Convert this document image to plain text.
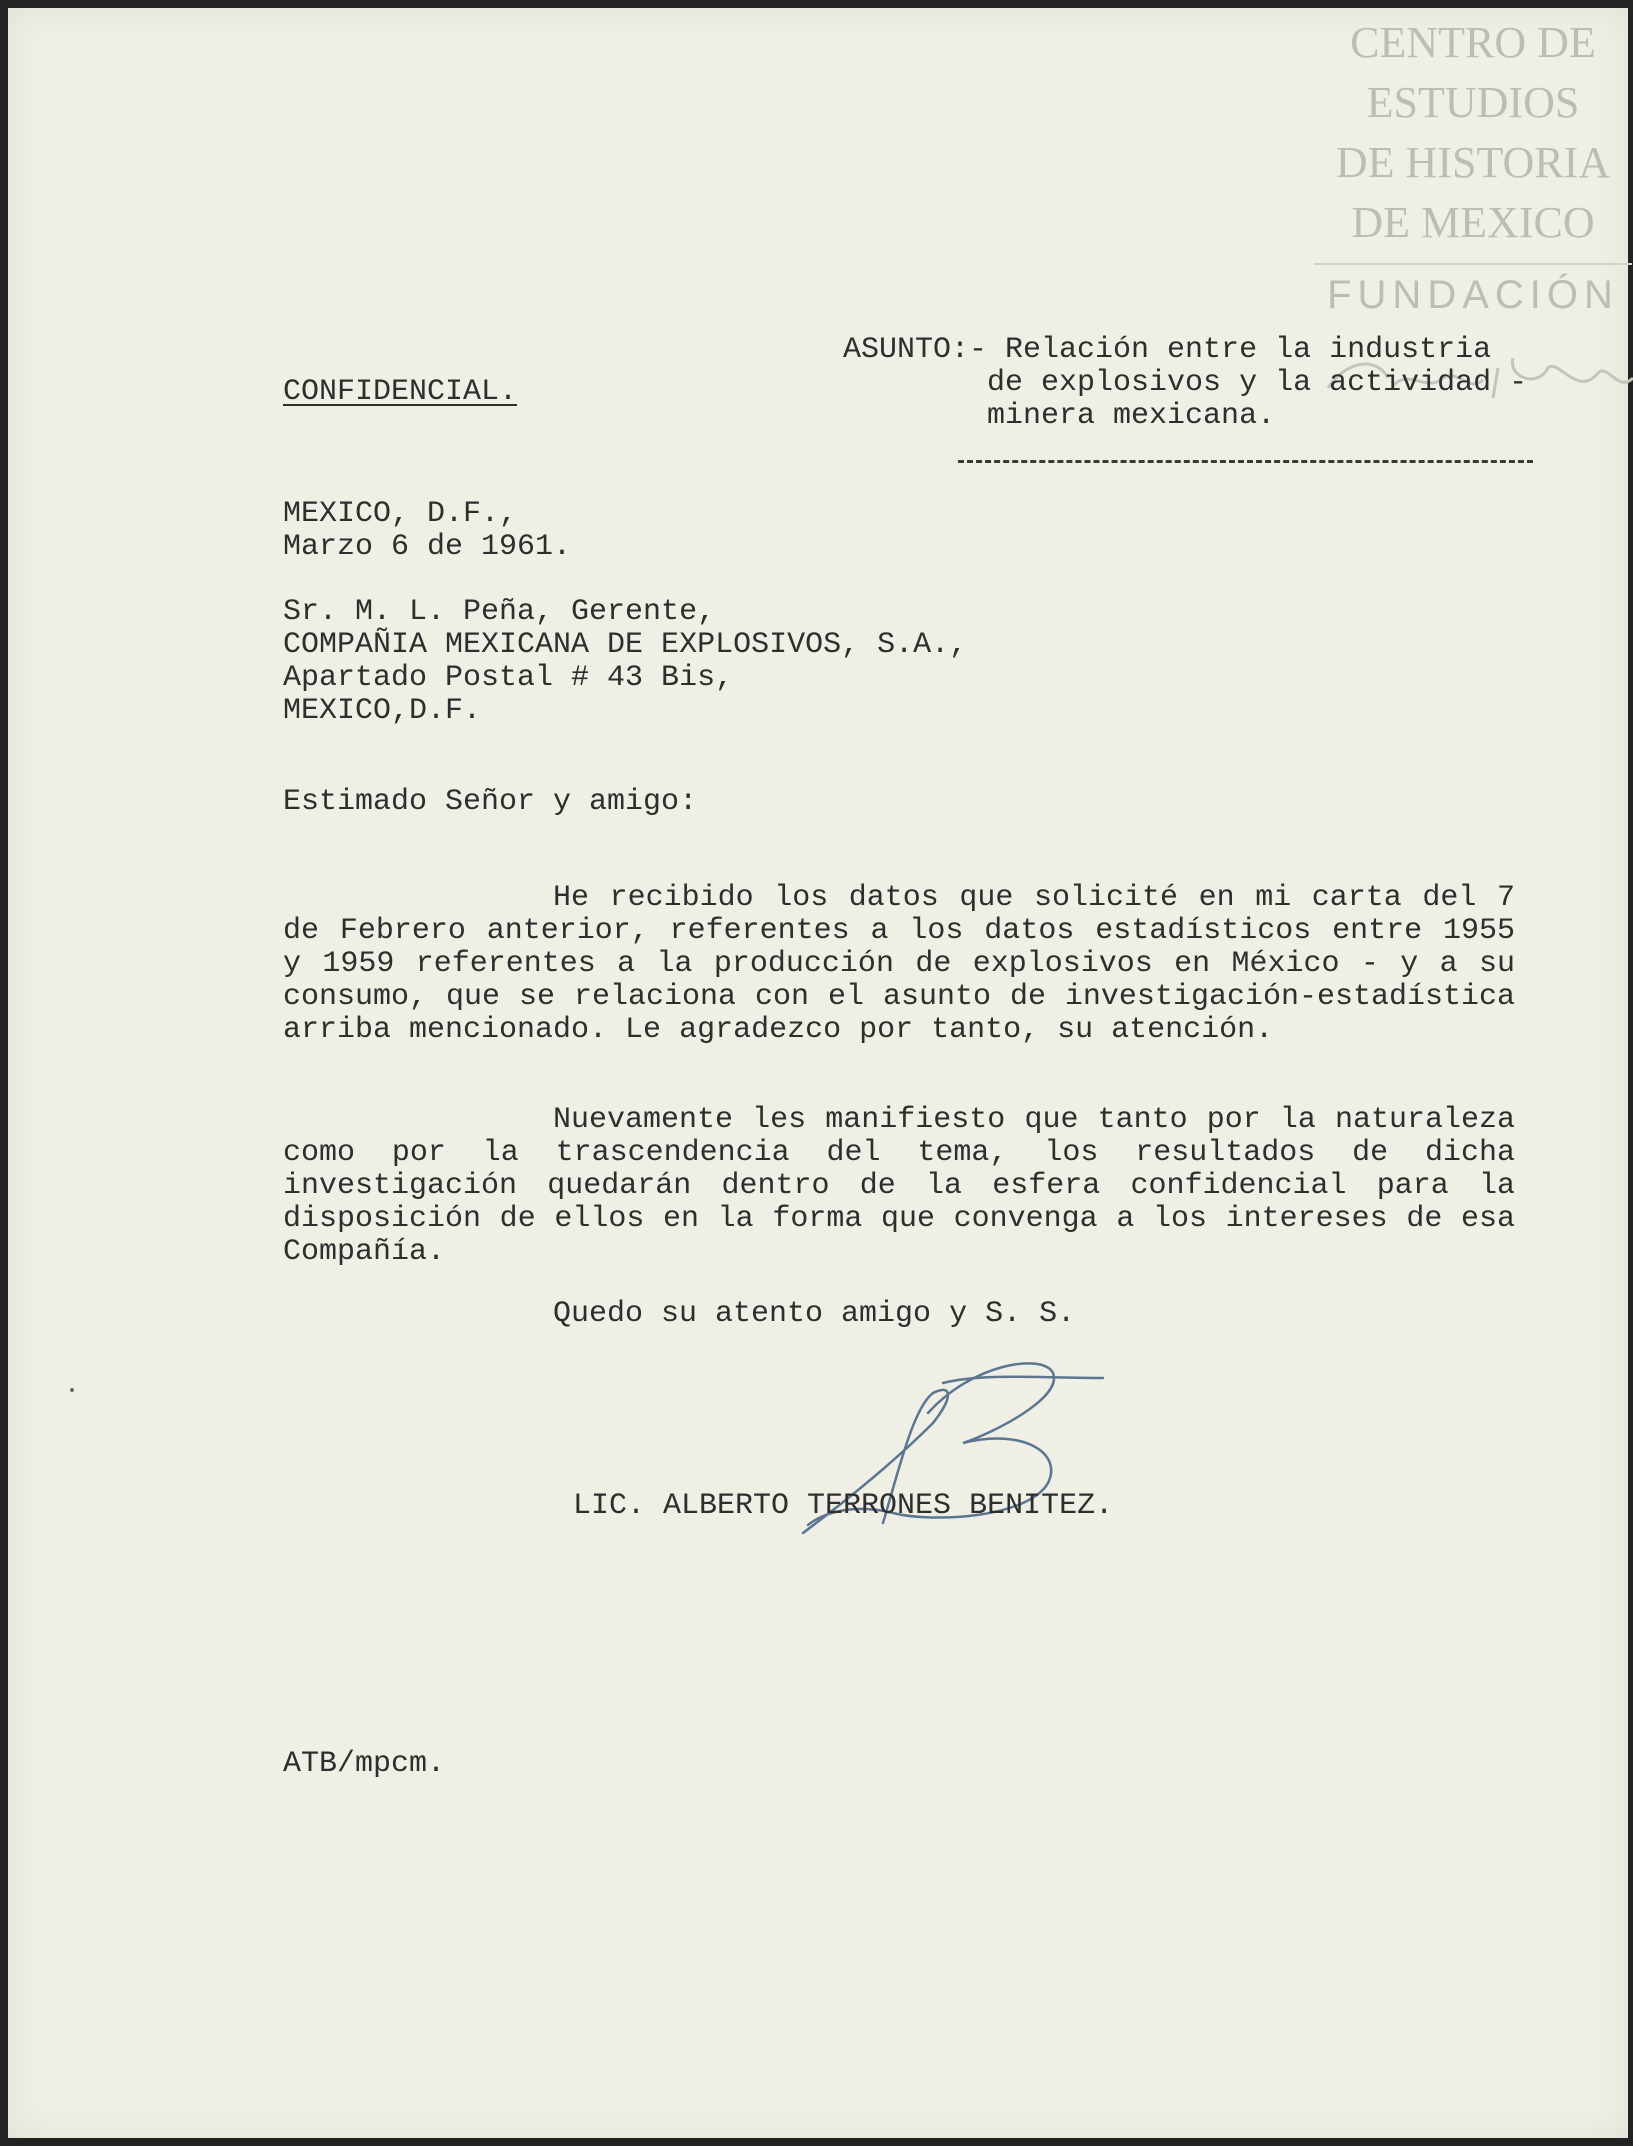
CENTRO DE
ESTUDIOS
DE HISTORIA
DE MEXICO
FUNDACIÓN
CONFIDENCIAL.
ASUNTO:- Relación entre la industria
de explosivos y la actividad -
minera mexicana.
MEXICO, D.F.,
Marzo 6 de 1961.
Sr. M. L. Peña, Gerente,
COMPAÑIA MEXICANA DE EXPLOSIVOS, S.A.,
Apartado Postal # 43 Bis,
MEXICO,D.F.
Estimado Señor y amigo:
He recibido los datos que solicité en mi carta del 7 de Febrero anterior, referentes a los datos estadísticos entre 1955 y 1959 referentes a la producción de explosivos en México - y a su consumo, que se relaciona con el asunto de investigación-estadística arriba mencionado. Le agradezco por tanto, su atención.
Nuevamente les manifiesto que tanto por la naturaleza como por la trascendencia del tema, los resultados de dicha investigación quedarán dentro de la esfera confidencial para la disposición de ellos en la forma que convenga a los intereses de esa Compañía.
Quedo su atento amigo y S. S.
LIC. ALBERTO TERRONES BENITEZ.
ATB/mpcm.
